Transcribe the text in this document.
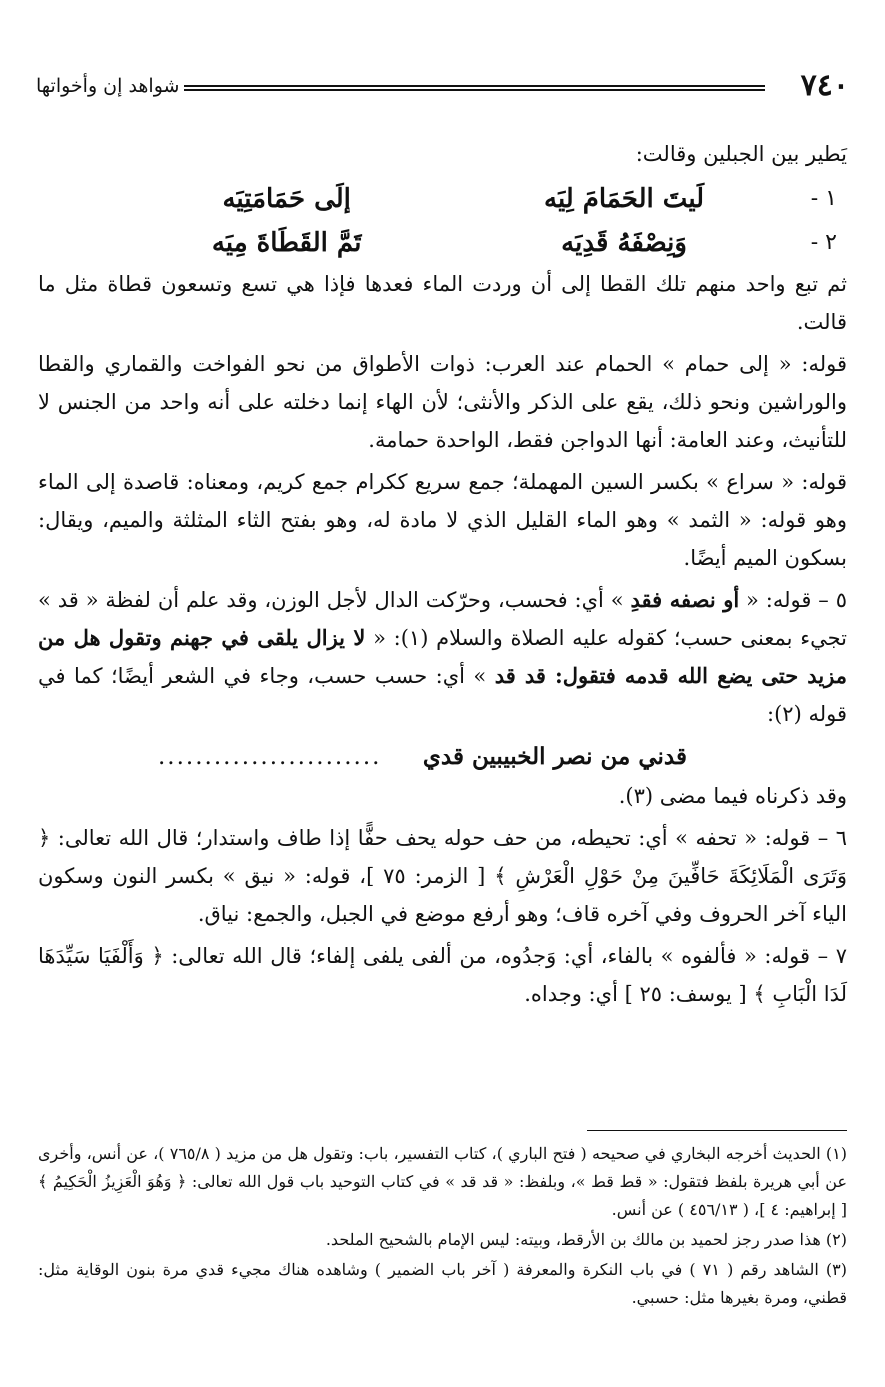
٧٤٠
شواهد إن وأخواتها

يَطير بين الجبلين وقالت:

١ -
لَيتَ الحَمَامَ لِيَه
إلَى حَمَامَتِيَه
٢ -
وَنِصْفَهُ قَدِيَه
تَمَّ القَطَاةَ مِيَه

ثم تبع واحد منهم تلك القطا إلى أن وردت الماء فعدها فإذا هي تسع وتسعون قطاة مثل ما قالت.

قوله: « إلى حمام » الحمام عند العرب: ذوات الأطواق من نحو الفواخت والقماري والقطا والوراشين ونحو ذلك، يقع على الذكر والأنثى؛ لأن الهاء إنما دخلته على أنه واحد من الجنس لا للتأنيث، وعند العامة: أنها الدواجن فقط، الواحدة حمامة.

قوله: « سراع » بكسر السين المهملة؛ جمع سريع ككرام جمع كريم، ومعناه: قاصدة إلى الماء وهو قوله: « الثمد » وهو الماء القليل الذي لا مادة له، وهو بفتح الثاء المثلثة والميم، ويقال: بسكون الميم أيضًا.

٥ – قوله: « أو نصفه فقدِ » أي: فحسب، وحرّكت الدال لأجل الوزن، وقد علم أن لفظة « قد » تجيء بمعنى حسب؛ كقوله عليه الصلاة والسلام (١): « لا يزال يلقى في جهنم وتقول هل من مزيد حتى يضع الله قدمه فتقول: قد قد » أي: حسب حسب، وجاء في الشعر أيضًا؛ كما في قوله (٢):

قدني من نصر الخبيبين قدي
........................

وقد ذكرناه فيما مضى (٣).

٦ – قوله: « تحفه » أي: تحيطه، من حف حوله يحف حفًّا إذا طاف واستدار؛ قال الله تعالى: ﴿ وَتَرَى الْمَلَائِكَةَ حَافِّينَ مِنْ حَوْلِ الْعَرْشِ ﴾ [ الزمر: ٧٥ ]، قوله: « نيق » بكسر النون وسكون الياء آخر الحروف وفي آخره قاف؛ وهو أرفع موضع في الجبل، والجمع: نياق.

٧ – قوله: « فألفوه » بالفاء، أي: وَجدُوه، من ألفى يلفى إلفاء؛ قال الله تعالى: ﴿ وَأَلْفَيَا سَيِّدَهَا لَدَا الْبَابِ ﴾ [ يوسف: ٢٥ ] أي: وجداه.

(١) الحديث أخرجه البخاري في صحيحه ( فتح الباري )، كتاب التفسير، باب: وتقول هل من مزيد ( ٧٦٥/٨ )، عن أنس، وأخرى عن أبي هريرة بلفظ فتقول: « قط قط »، وبلفظ: « قد قد » في كتاب التوحيد باب قول الله تعالى: ﴿ وَهُوَ الْعَزِيزُ الْحَكِيمُ ﴾ [ إبراهيم: ٤ ]، ( ٤٥٦/١٣ ) عن أنس.

(٢) هذا صدر رجز لحميد بن مالك بن الأرقط، وبيته: ليس الإمام بالشحيح الملحد.

(٣) الشاهد رقم ( ٧١ ) في باب النكرة والمعرفة ( آخر باب الضمير ) وشاهده هناك مجيء قدي مرة بنون الوقاية مثل: قطني، ومرة بغيرها مثل: حسبي.
